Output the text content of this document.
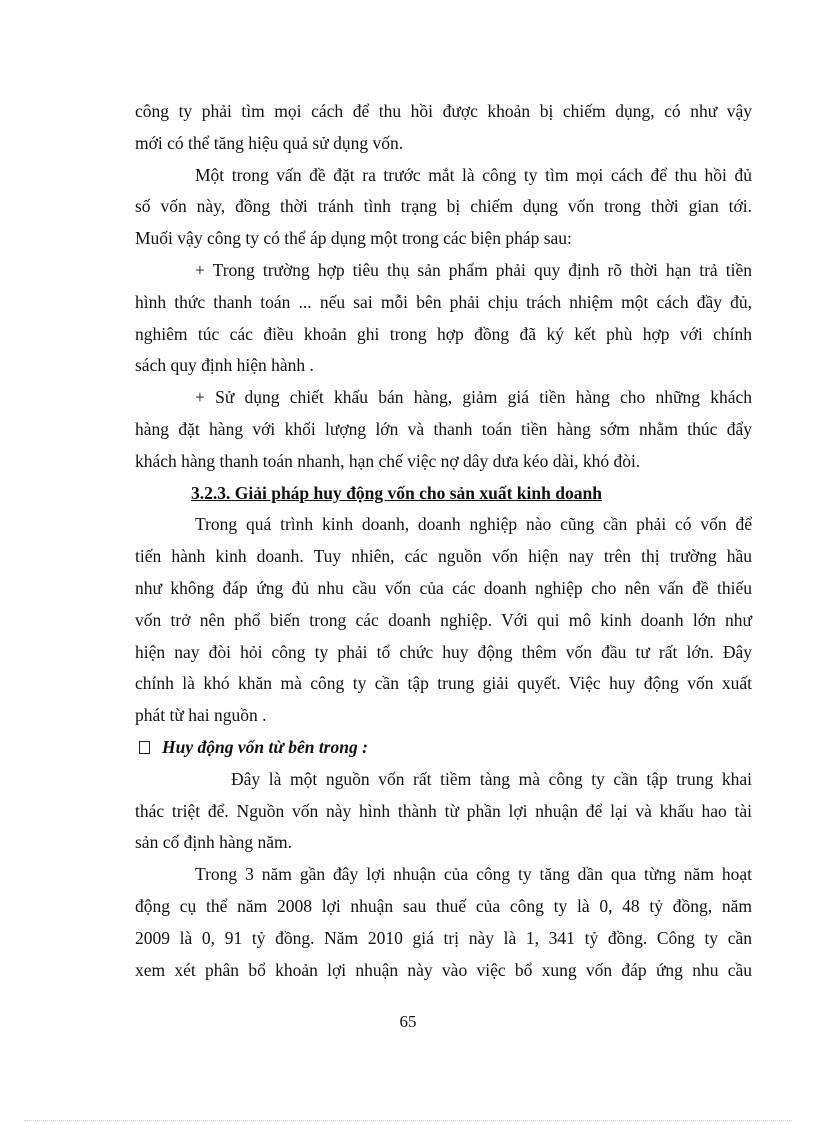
công ty phải tìm mọi cách để thu hồi được khoản bị chiếm dụng, có như vậy
mới có thể tăng hiệu quả sử dụng vốn.
Một trong vấn đề đặt ra trước mắt là công ty tìm mọi cách để thu hồi đủ
số vốn này, đồng thời tránh tình trạng bị chiếm dụng vốn trong thời gian tới.
Muối vậy công ty có thể áp dụng một trong các biện pháp sau:
+ Trong trường hợp tiêu thụ sản phẩm phải quy định rõ thời hạn trả tiền
hình thức thanh toán ... nếu sai mỗi bên phải chịu trách nhiệm một cách đầy đủ,
nghiêm túc các điều khoản ghi trong hợp đồng đã ký kết phù hợp với chính
sách quy định hiện hành .
+ Sử dụng chiết khấu bán hàng, giảm giá tiền hàng cho những khách
hàng đặt hàng với khối lượng lớn và thanh toán tiền hàng sớm nhằm thúc đẩy
khách hàng thanh toán nhanh, hạn chế việc nợ dây dưa kéo dài, khó đòi.
3.2.3. Giải pháp huy động vốn cho sản xuất kinh doanh
Trong quá trình kinh doanh, doanh nghiệp nào cũng cần phải có vốn để
tiến hành kinh doanh. Tuy nhiên, các nguồn vốn hiện nay trên thị trường hầu
như không đáp ứng đủ nhu cầu vốn của các doanh nghiệp cho nên vấn đề thiếu
vốn trở nên phổ biến trong các doanh nghiệp. Với qui mô kinh doanh lớn như
hiện nay đòi hỏi công ty phải tổ chức huy động thêm vốn đầu tư rất lớn. Đây
chính là khó khăn mà công ty cần tập trung giải quyết. Việc huy động vốn xuất
phát từ hai nguồn .
Huy động vốn từ bên trong :
Đây là một nguồn vốn rất tiềm tàng mà công ty cần tập trung khai
thác triệt để. Nguồn vốn này hình thành từ phần lợi nhuận để lại và khấu hao tài
sản cố định hàng năm.
Trong 3 năm gần đây lợi nhuận của công ty tăng dần qua từng năm hoạt
động cụ thể năm 2008 lợi nhuận sau thuế của công ty là 0, 48 tỷ đồng, năm
2009 là 0, 91 tỷ đồng. Năm 2010 giá trị này là 1, 341 tỷ đồng. Công ty cần
xem xét phân bổ khoản lợi nhuận này vào việc bổ xung vốn đáp ứng nhu cầu
65
